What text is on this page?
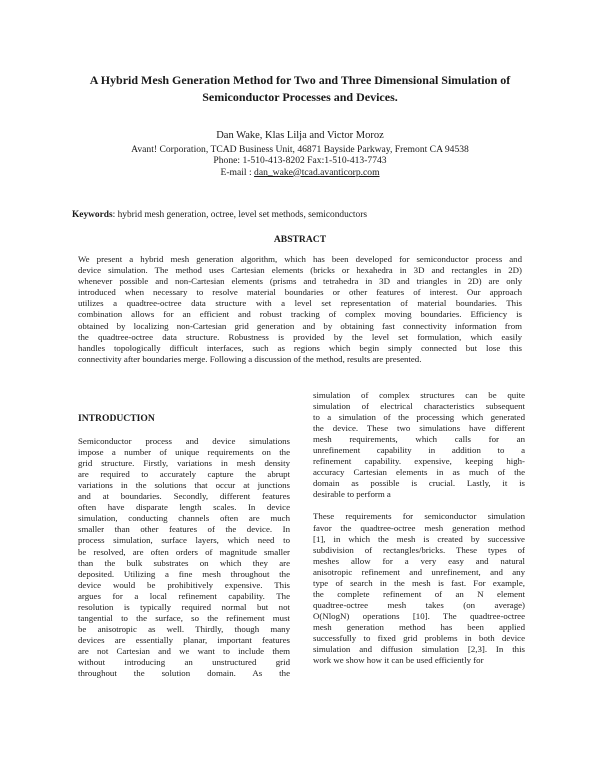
A Hybrid Mesh Generation Method for Two and Three Dimensional Simulation of
Semiconductor Processes and Devices.
Dan Wake, Klas Lilja and Victor Moroz
Avant! Corporation, TCAD Business Unit, 46871 Bayside Parkway, Fremont CA 94538
Phone: 1-510-413-8202 Fax:1-510-413-7743
E-mail : dan_wake@tcad.avanticorp.com
Keywords: hybrid mesh generation, octree, level set methods, semiconductors
ABSTRACT
We present a hybrid mesh generation algorithm, which has been developed for semiconductor process and
device simulation. The method uses Cartesian elements (bricks or hexahedra in 3D and rectangles in 2D)
whenever possible and non-Cartesian elements (prisms and tetrahedra in 3D and triangles in 2D) are only
introduced when necessary to resolve material boundaries or other features of interest. Our approach
utilizes a quadtree-octree data structure with a level set representation of material boundaries. This
combination allows for an efficient and robust tracking of complex moving boundaries. Efficiency is
obtained by localizing non-Cartesian grid generation and by obtaining fast connectivity information from
the quadtree-octree data structure. Robustness is provided by the level set formulation, which easily
handles topologically difficult interfaces, such as regions which begin simply connected but lose this
connectivity after boundaries merge. Following a discussion of the method, results are presented.
INTRODUCTION
Semiconductor process and device simulations
impose a number of unique requirements on the
grid structure. Firstly, variations in mesh density
are required to accurately capture the abrupt
variations in the solutions that occur at junctions
and at boundaries. Secondly, different features
often have disparate length scales. In device
simulation, conducting channels often are much
smaller than other features of the device. In
process simulation, surface layers, which need to
be resolved, are often orders of magnitude smaller
than the bulk substrates on which they are
deposited. Utilizing a fine mesh throughout the
device would be prohibitively expensive. This
argues for a local refinement capability. The
resolution is typically required normal but not
tangential to the surface, so the refinement must
be anisotropic as well. Thirdly, though many
devices are essentially planar, important features
are not Cartesian and we want to include them
without introducing an unstructured grid
throughout the solution domain. As the
simulation of complex structures can be quite
simulation of electrical characteristics subsequent
to a simulation of the processing which generated
the device. These two simulations have different
mesh requirements, which calls for an
unrefinement capability in addition to a
refinement capability. expensive, keeping high-
accuracy Cartesian elements in as much of the
domain as possible is crucial. Lastly, it is
desirable to perform a
These requirements for semiconductor simulation
favor the quadtree-octree mesh generation method
[1], in which the mesh is created by successive
subdivision of rectangles/bricks. These types of
meshes allow for a very easy and natural
anisotropic refinement and unrefinement, and any
type of search in the mesh is fast. For example,
the complete refinement of an N element
quadtree-octree mesh takes (on average)
O(NlogN) operations [10]. The quadtree-octree
mesh generation method has been applied
successfully to fixed grid problems in both device
simulation and diffusion simulation [2,3]. In this
work we show how it can be used efficiently for
